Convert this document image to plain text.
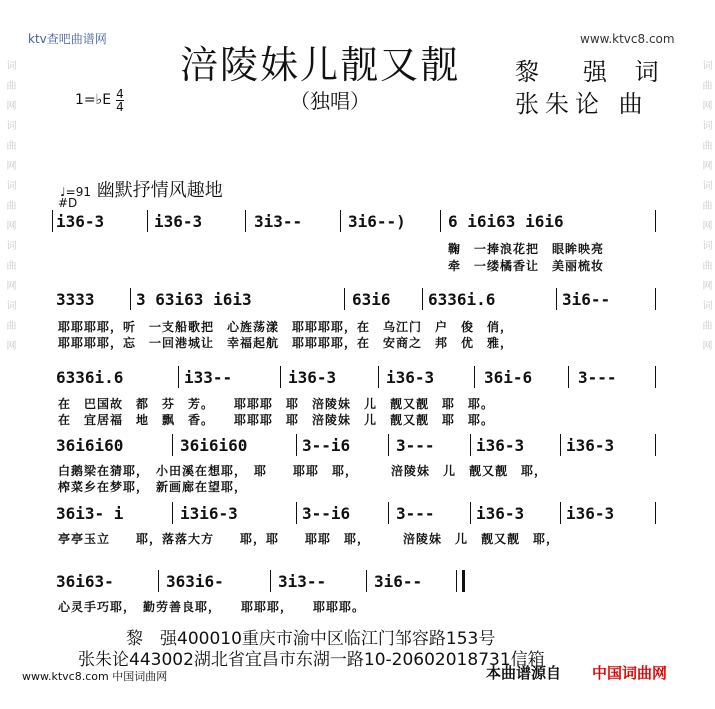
ktv查吧曲谱网	www.ktvc8.com
涪陵妹儿靓又靓
（独唱）
黎　强 词
张朱论 曲
1=♭E 4
4
词曲网词曲网词曲网词曲网词曲网	词曲网词曲网词曲网词曲网词曲网
♩=91 幽默抒情风趣地
#D
i36-3	i36-3	3i3--	3i6--)	6 i6i63 i6i6
鞠　一捧浪花把　眼眸映亮
牵　一缕橘香让　美丽梳妆
3333	3 63i63 i6i3	63i6 6336i.6	3i6--
耶耶耶耶，听　一支船歌把　心旌荡漾　耶耶耶耶，在　乌江门　户　俊　俏，
耶耶耶耶，忘　一回港城让　幸福起航　耶耶耶耶，在　安商之　邦　优　雅，
6336i.6	i33--	i36-3	i36-3	36i-6	3---
在　巴国故　都　芬　芳。　　耶耶耶　耶　涪陵妹　儿　靓又靓　耶　耶。
在　宜居福　地　飘　香。　　耶耶耶　耶　涪陵妹　儿　靓又靓　耶　耶。
36i6i60	36i6i60	3--i6	3---	i36-3	i36-3
白鹅梁在猜耶，　小田溪在想耶，　耶　　耶耶　耶，　　　涪陵妹　儿　靓又靓　耶，
榨菜乡在梦耶，　新画廊在望耶，
36i3- i	i3i6-3	3--i6	3---	i36-3	i36-3
亭亭玉立　　耶，落落大方　　耶，耶　　耶耶　耶，　　　涪陵妹　儿　靓又靓　耶，
36i63-	363i6-	3i3--	3i6--
心灵手巧耶，　勤劳善良耶，　　耶耶耶，　　耶耶耶。
黎　强400010重庆市渝中区临江门邹容路153号
张朱论443002湖北省宜昌市东湖一路10-20602018731信箱
www.ktvc8.com 中国词曲网	本曲谱源自 中国词曲网
